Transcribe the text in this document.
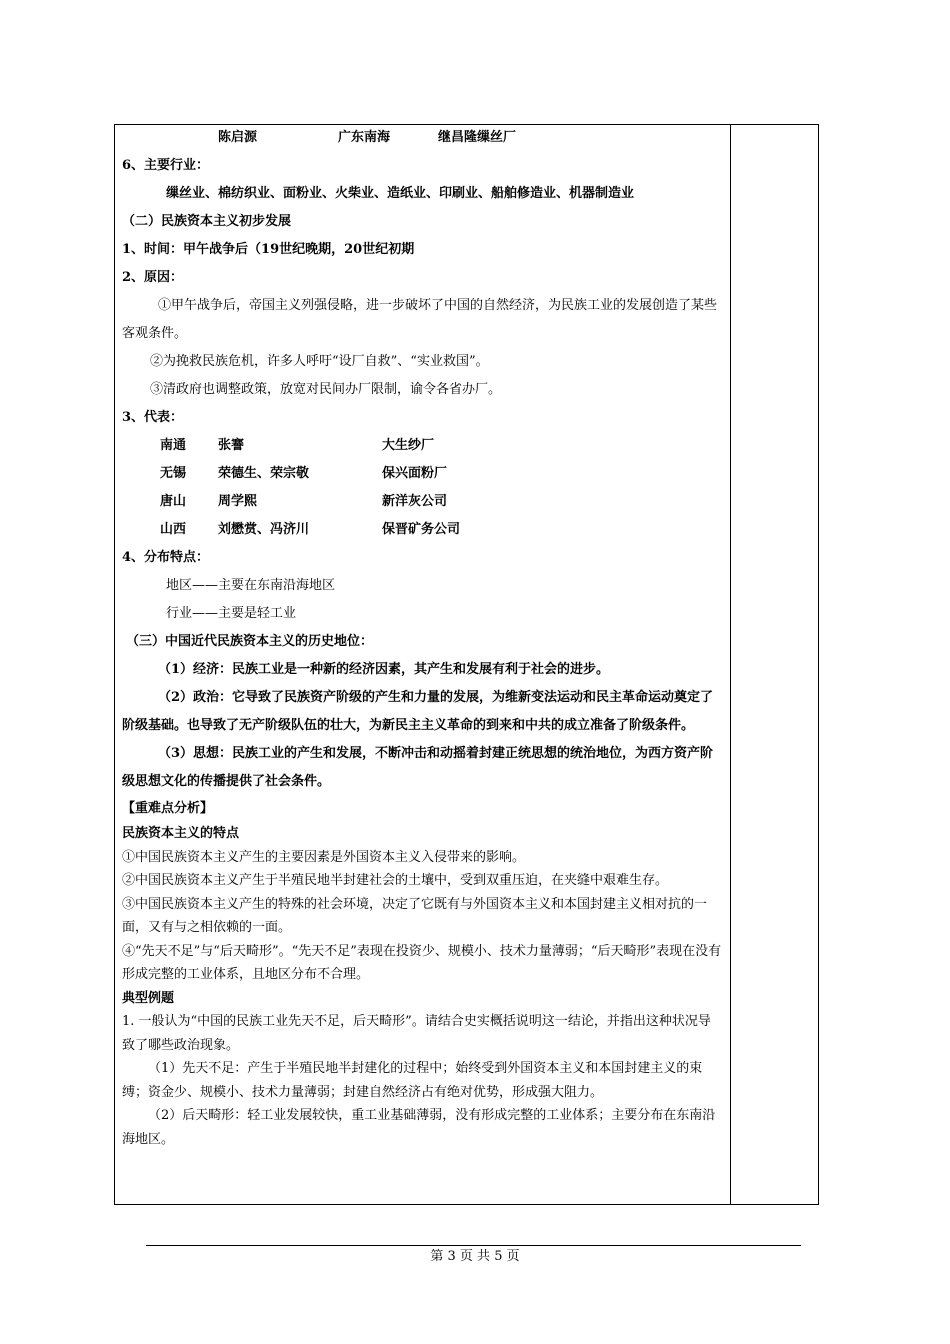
陈启源	广东南海	继昌隆缫丝厂
6、主要行业：
缫丝业、棉纺织业、面粉业、火柴业、造纸业、印刷业、船舶修造业、机器制造业
（二）民族资本主义初步发展
1、时间：甲午战争后（19世纪晚期，20世纪初期
2、原因：
①甲午战争后，帝国主义列强侵略，进一步破坏了中国的自然经济，为民族工业的发展创造了某些客观条件。
②为挽救民族危机，许多人呼吁“设厂自救”、“实业救国”。
③清政府也调整政策，放宽对民间办厂限制，谕令各省办厂。
3、代表：
南通	张謇	大生纱厂
无锡	荣德生、荣宗敬	保兴面粉厂
唐山	周学熙	新洋灰公司
山西	刘懋赏、冯济川	保晋矿务公司
4、分布特点：
地区——主要在东南沿海地区
行业——主要是轻工业
（三）中国近代民族资本主义的历史地位：
（1）经济：民族工业是一种新的经济因素，其产生和发展有利于社会的进步。
（2）政治：它导致了民族资产阶级的产生和力量的发展，为维新变法运动和民主革命运动奠定了阶级基础。也导致了无产阶级队伍的壮大，为新民主主义革命的到来和中共的成立准备了阶级条件。
（3）思想：民族工业的产生和发展，不断冲击和动摇着封建正统思想的统治地位，为西方资产阶级思想文化的传播提供了社会条件。
【重难点分析】
民族资本主义的特点
①中国民族资本主义产生的主要因素是外国资本主义入侵带来的影响。
②中国民族资本主义产生于半殖民地半封建社会的土壤中，受到双重压迫，在夹缝中艰难生存。
③中国民族资本主义产生的特殊的社会环境，决定了它既有与外国资本主义和本国封建主义相对抗的一面，又有与之相依赖的一面。
④“先天不足”与“后天畸形”。“先天不足”表现在投资少、规模小、技术力量薄弱；“后天畸形”表现在没有形成完整的工业体系，且地区分布不合理。
典型例题
1. 一般认为“中国的民族工业先天不足，后天畸形”。请结合史实概括说明这一结论，并指出这种状况导致了哪些政治现象。
（1）先天不足：产生于半殖民地半封建化的过程中；始终受到外国资本主义和本国封建主义的束缚；资金少、规模小、技术力量薄弱；封建自然经济占有绝对优势，形成强大阻力。
（2）后天畸形：轻工业发展较快，重工业基础薄弱，没有形成完整的工业体系；主要分布在东南沿海地区。
第 3 页 共 5 页
